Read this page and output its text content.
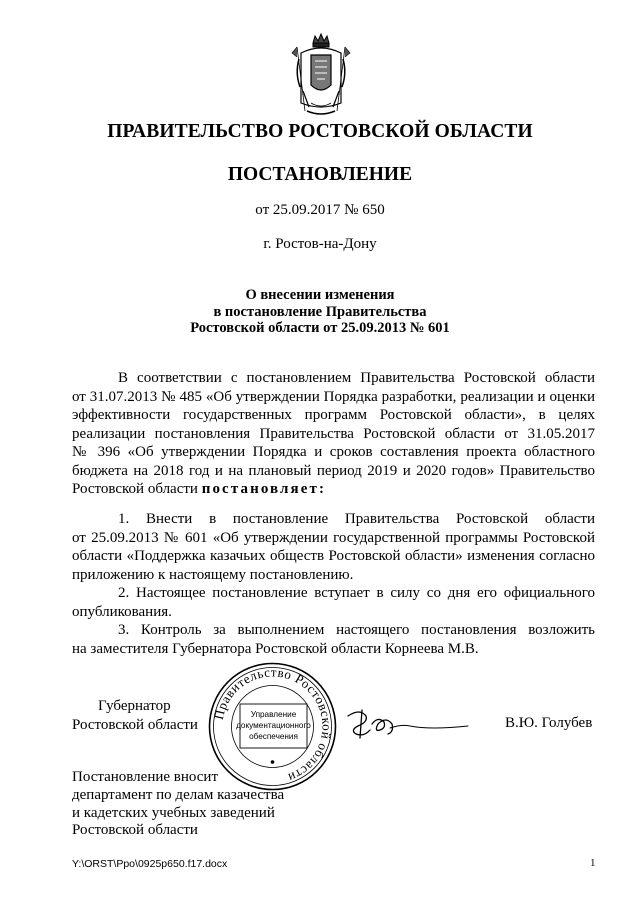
ПРАВИТЕЛЬСТВО РОСТОВСКОЙ ОБЛАСТИ
ПОСТАНОВЛЕНИЕ
от 25.09.2017 № 650
г. Ростов-на-Дону
О внесении изменения
в постановление Правительства
Ростовской области от 25.09.2013 № 601
В соответствии с постановлением Правительства Ростовской области
от 31.07.2013 № 485 «Об утверждении Порядка разработки, реализации и оценки
эффективности государственных программ Ростовской области», в целях
реализации постановления Правительства Ростовской области от 31.05.2017
№ 396 «Об утверждении Порядка и сроков составления проекта областного
бюджета на 2018 год и на плановый период 2019 и 2020 годов» Правительство
Ростовской области постановляет:
1. Внести в постановление Правительства Ростовской области
от 25.09.2013 № 601 «Об утверждении государственной программы Ростовской
области «Поддержка казачьих обществ Ростовской области» изменения согласно
приложению к настоящему постановлению.
2. Настоящее постановление вступает в силу со дня его официального
опубликования.
3. Контроль за выполнением настоящего постановления возложить
на заместителя Губернатора Ростовской области Корнеева М.В.
Губернатор
Ростовской области
Правительство Ростовской области
Управление
документационного
обеспечения
В.Ю. Голубев
Постановление вносит
департамент по делам казачества
и кадетских учебных заведений
Ростовской области
Y:\ORST\Ppo\0925p650.f17.docx	1
